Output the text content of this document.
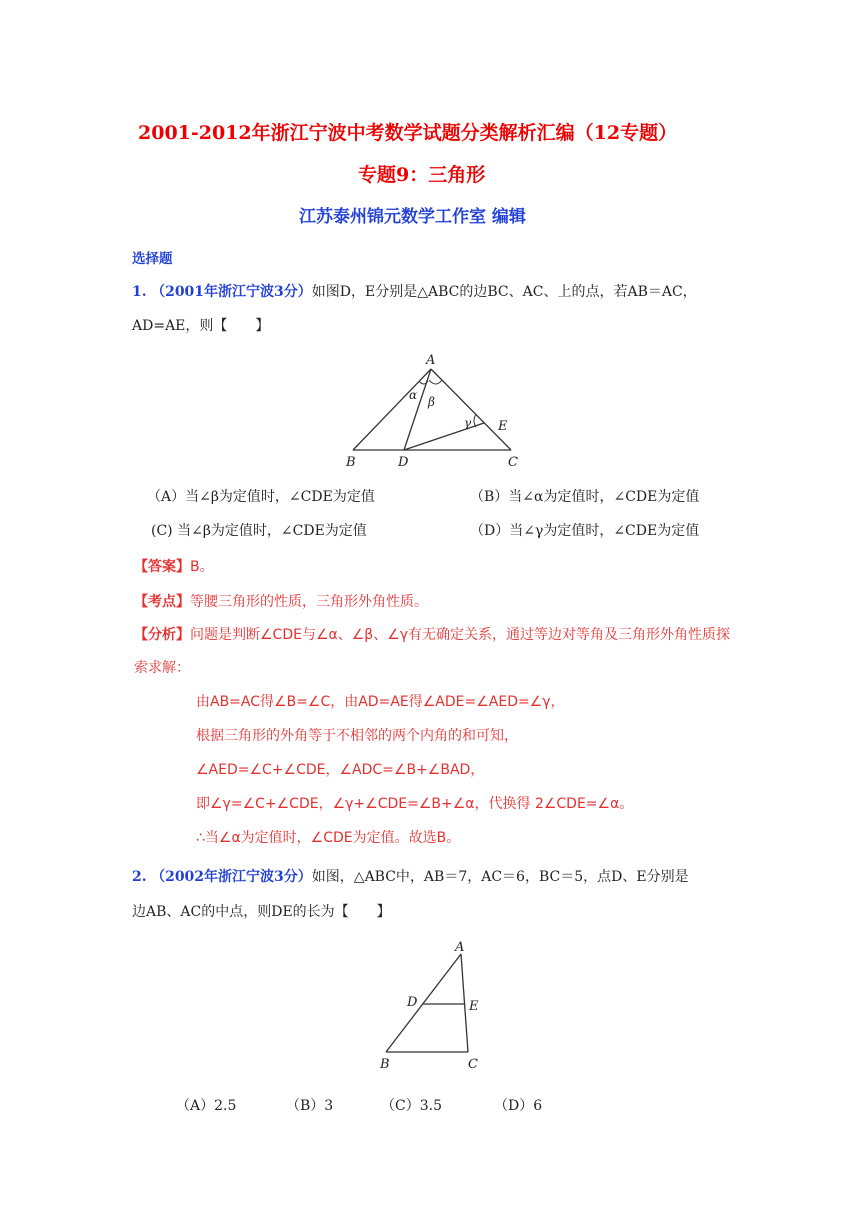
2001-2012年浙江宁波中考数学试题分类解析汇编（12专题）
专题9：三角形
江苏泰州锦元数学工作室 编辑
选择题
1. （2001年浙江宁波3分）如图D，E分别是△ABC的边BC、AC、上的点，若AB＝AC，
AD=AE，则【　　】
A
B	C
D
E
α β
γ
（A）当∠β为定值时，∠CDE为定值	（B）当∠α为定值时，∠CDE为定值
(C) 当∠β为定值时，∠CDE为定值	（D）当∠γ为定值时，∠CDE为定值
【答案】B。
【考点】等腰三角形的性质，三角形外角性质。
【分析】问题是判断∠CDE与∠α、∠β、∠γ有无确定关系，通过等边对等角及三角形外角性质探
索求解：
由AB=AC得∠B=∠C，由AD=AE得∠ADE=∠AED=∠γ，
根据三角形的外角等于不相邻的两个内角的和可知，
∠AED=∠C+∠CDE，∠ADC=∠B+∠BAD，
即∠γ=∠C+∠CDE，∠γ+∠CDE=∠B+∠α，代换得 2∠CDE=∠α。
∴当∠α为定值时，∠CDE为定值。故选B。
2. （2002年浙江宁波3分）如图，△ABC中，AB＝7，AC＝6，BC＝5，点D、E分别是
边AB、AC的中点，则DE的长为【　　】
A
D	E
B	C
（A）2.5	（B）3	（C）3.5	（D）6
